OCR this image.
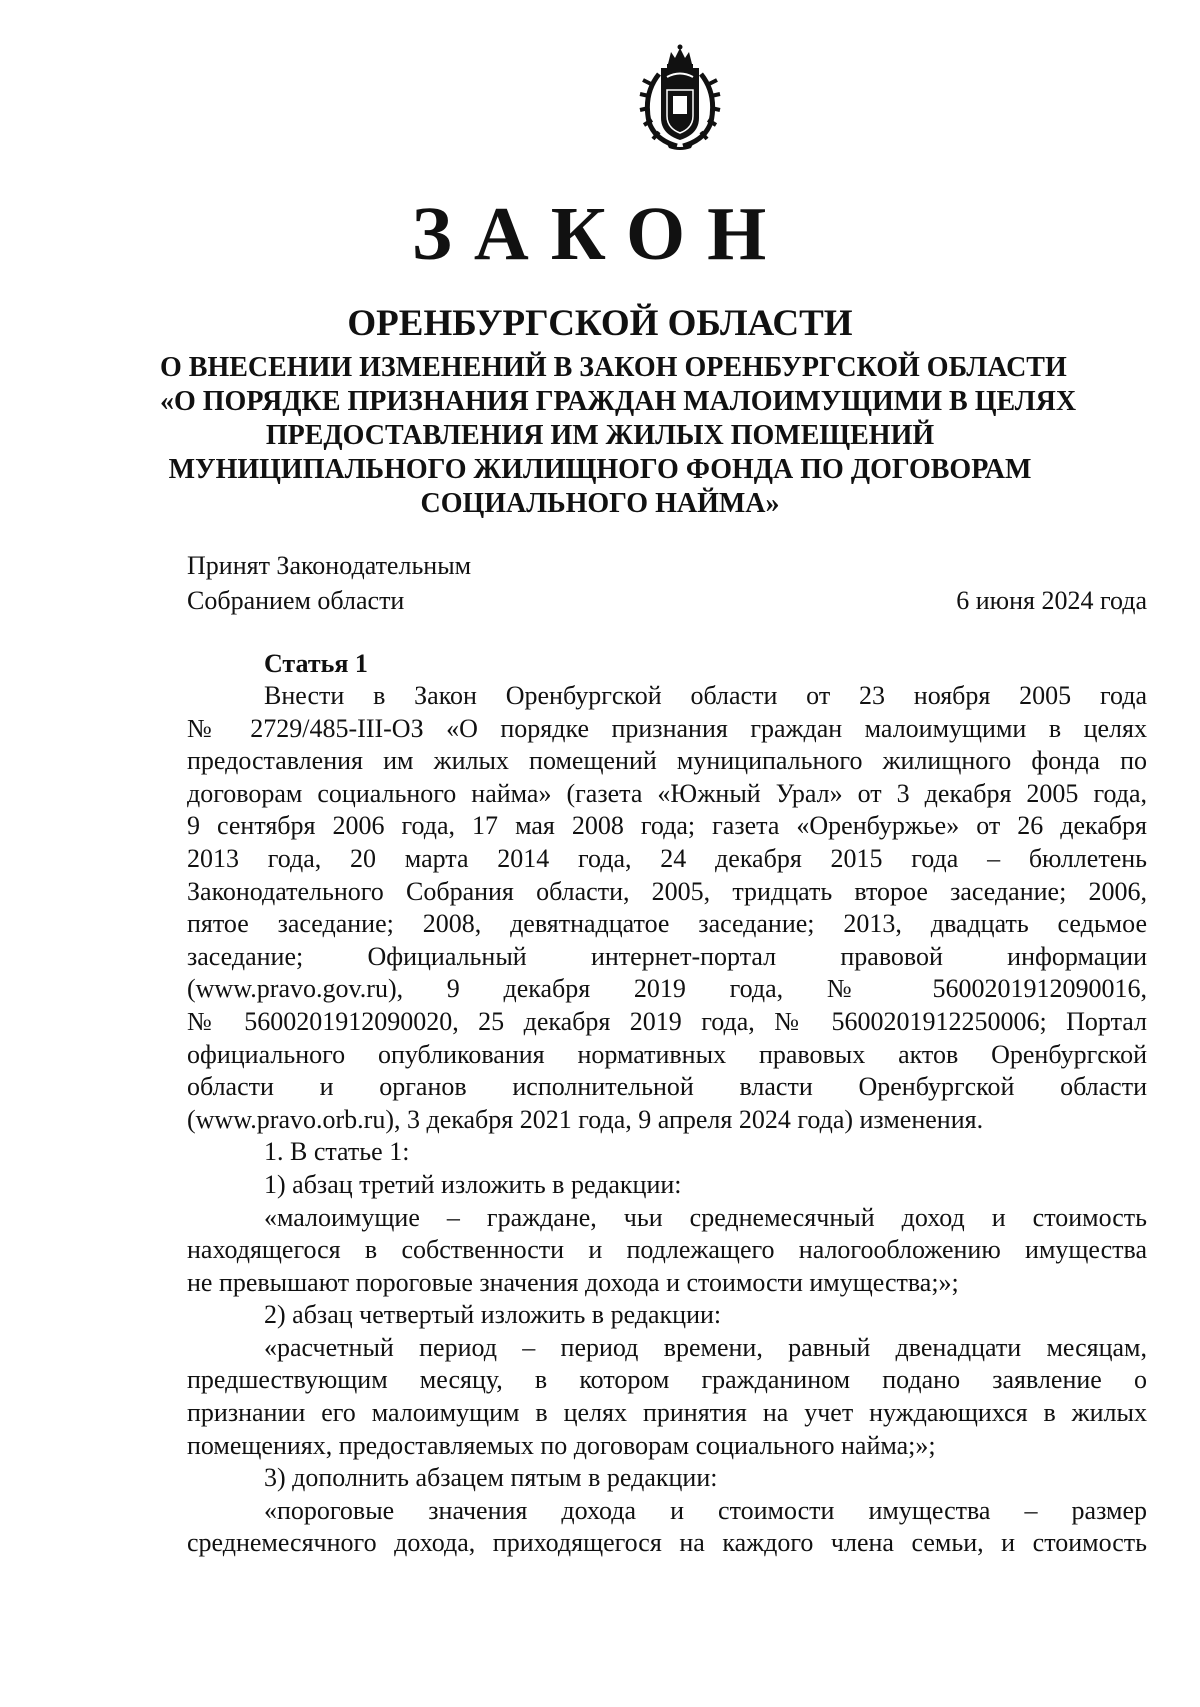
ЗАКОН
ОРЕНБУРГСКОЙ ОБЛАСТИ
О ВНЕСЕНИИ ИЗМЕНЕНИЙ В ЗАКОН ОРЕНБУРГСКОЙ ОБЛАСТИ
«О ПОРЯДКЕ ПРИЗНАНИЯ ГРАЖДАН МАЛОИМУЩИМИ В ЦЕЛЯХ
ПРЕДОСТАВЛЕНИЯ ИМ ЖИЛЫХ ПОМЕЩЕНИЙ
МУНИЦИПАЛЬНОГО ЖИЛИЩНОГО ФОНДА ПО ДОГОВОРАМ
СОЦИАЛЬНОГО НАЙМА»
Принят Законодательным
Собранием области	6 июня 2024 года
Статья 1

Внести в Закон Оренбургской области от 23 ноября 2005 года

№ 2729/485-III-ОЗ «О порядке признания граждан малоимущими в целях

предоставления им жилых помещений муниципального жилищного фонда по

договорам социального найма» (газета «Южный Урал» от 3 декабря 2005 года,

9 сентября 2006 года, 17 мая 2008 года; газета «Оренбуржье» от 26 декабря

2013 года, 20 марта 2014 года, 24 декабря 2015 года – бюллетень

Законодательного Собрания области, 2005, тридцать второе заседание; 2006,

пятое заседание; 2008, девятнадцатое заседание; 2013, двадцать седьмое

заседание; Официальный интернет-портал правовой информации

(www.pravo.gov.ru), 9 декабря 2019 года, № 5600201912090016,

№ 5600201912090020, 25 декабря 2019 года, № 5600201912250006; Портал

официального опубликования нормативных правовых актов Оренбургской

области и органов исполнительной власти Оренбургской области

(www.pravo.orb.ru), 3 декабря 2021 года, 9 апреля 2024 года) изменения.

1. В статье 1:

1) абзац третий изложить в редакции:

«малоимущие – граждане, чьи среднемесячный доход и стоимость

находящегося в собственности и подлежащего налогообложению имущества

не превышают пороговые значения дохода и стоимости имущества;»;

2) абзац четвертый изложить в редакции:

«расчетный период – период времени, равный двенадцати месяцам,

предшествующим месяцу, в котором гражданином подано заявление о

признании его малоимущим в целях принятия на учет нуждающихся в жилых

помещениях, предоставляемых по договорам социального найма;»;

3) дополнить абзацем пятым в редакции:

«пороговые значения дохода и стоимости имущества – размер

среднемесячного дохода, приходящегося на каждого члена семьи, и стоимость
